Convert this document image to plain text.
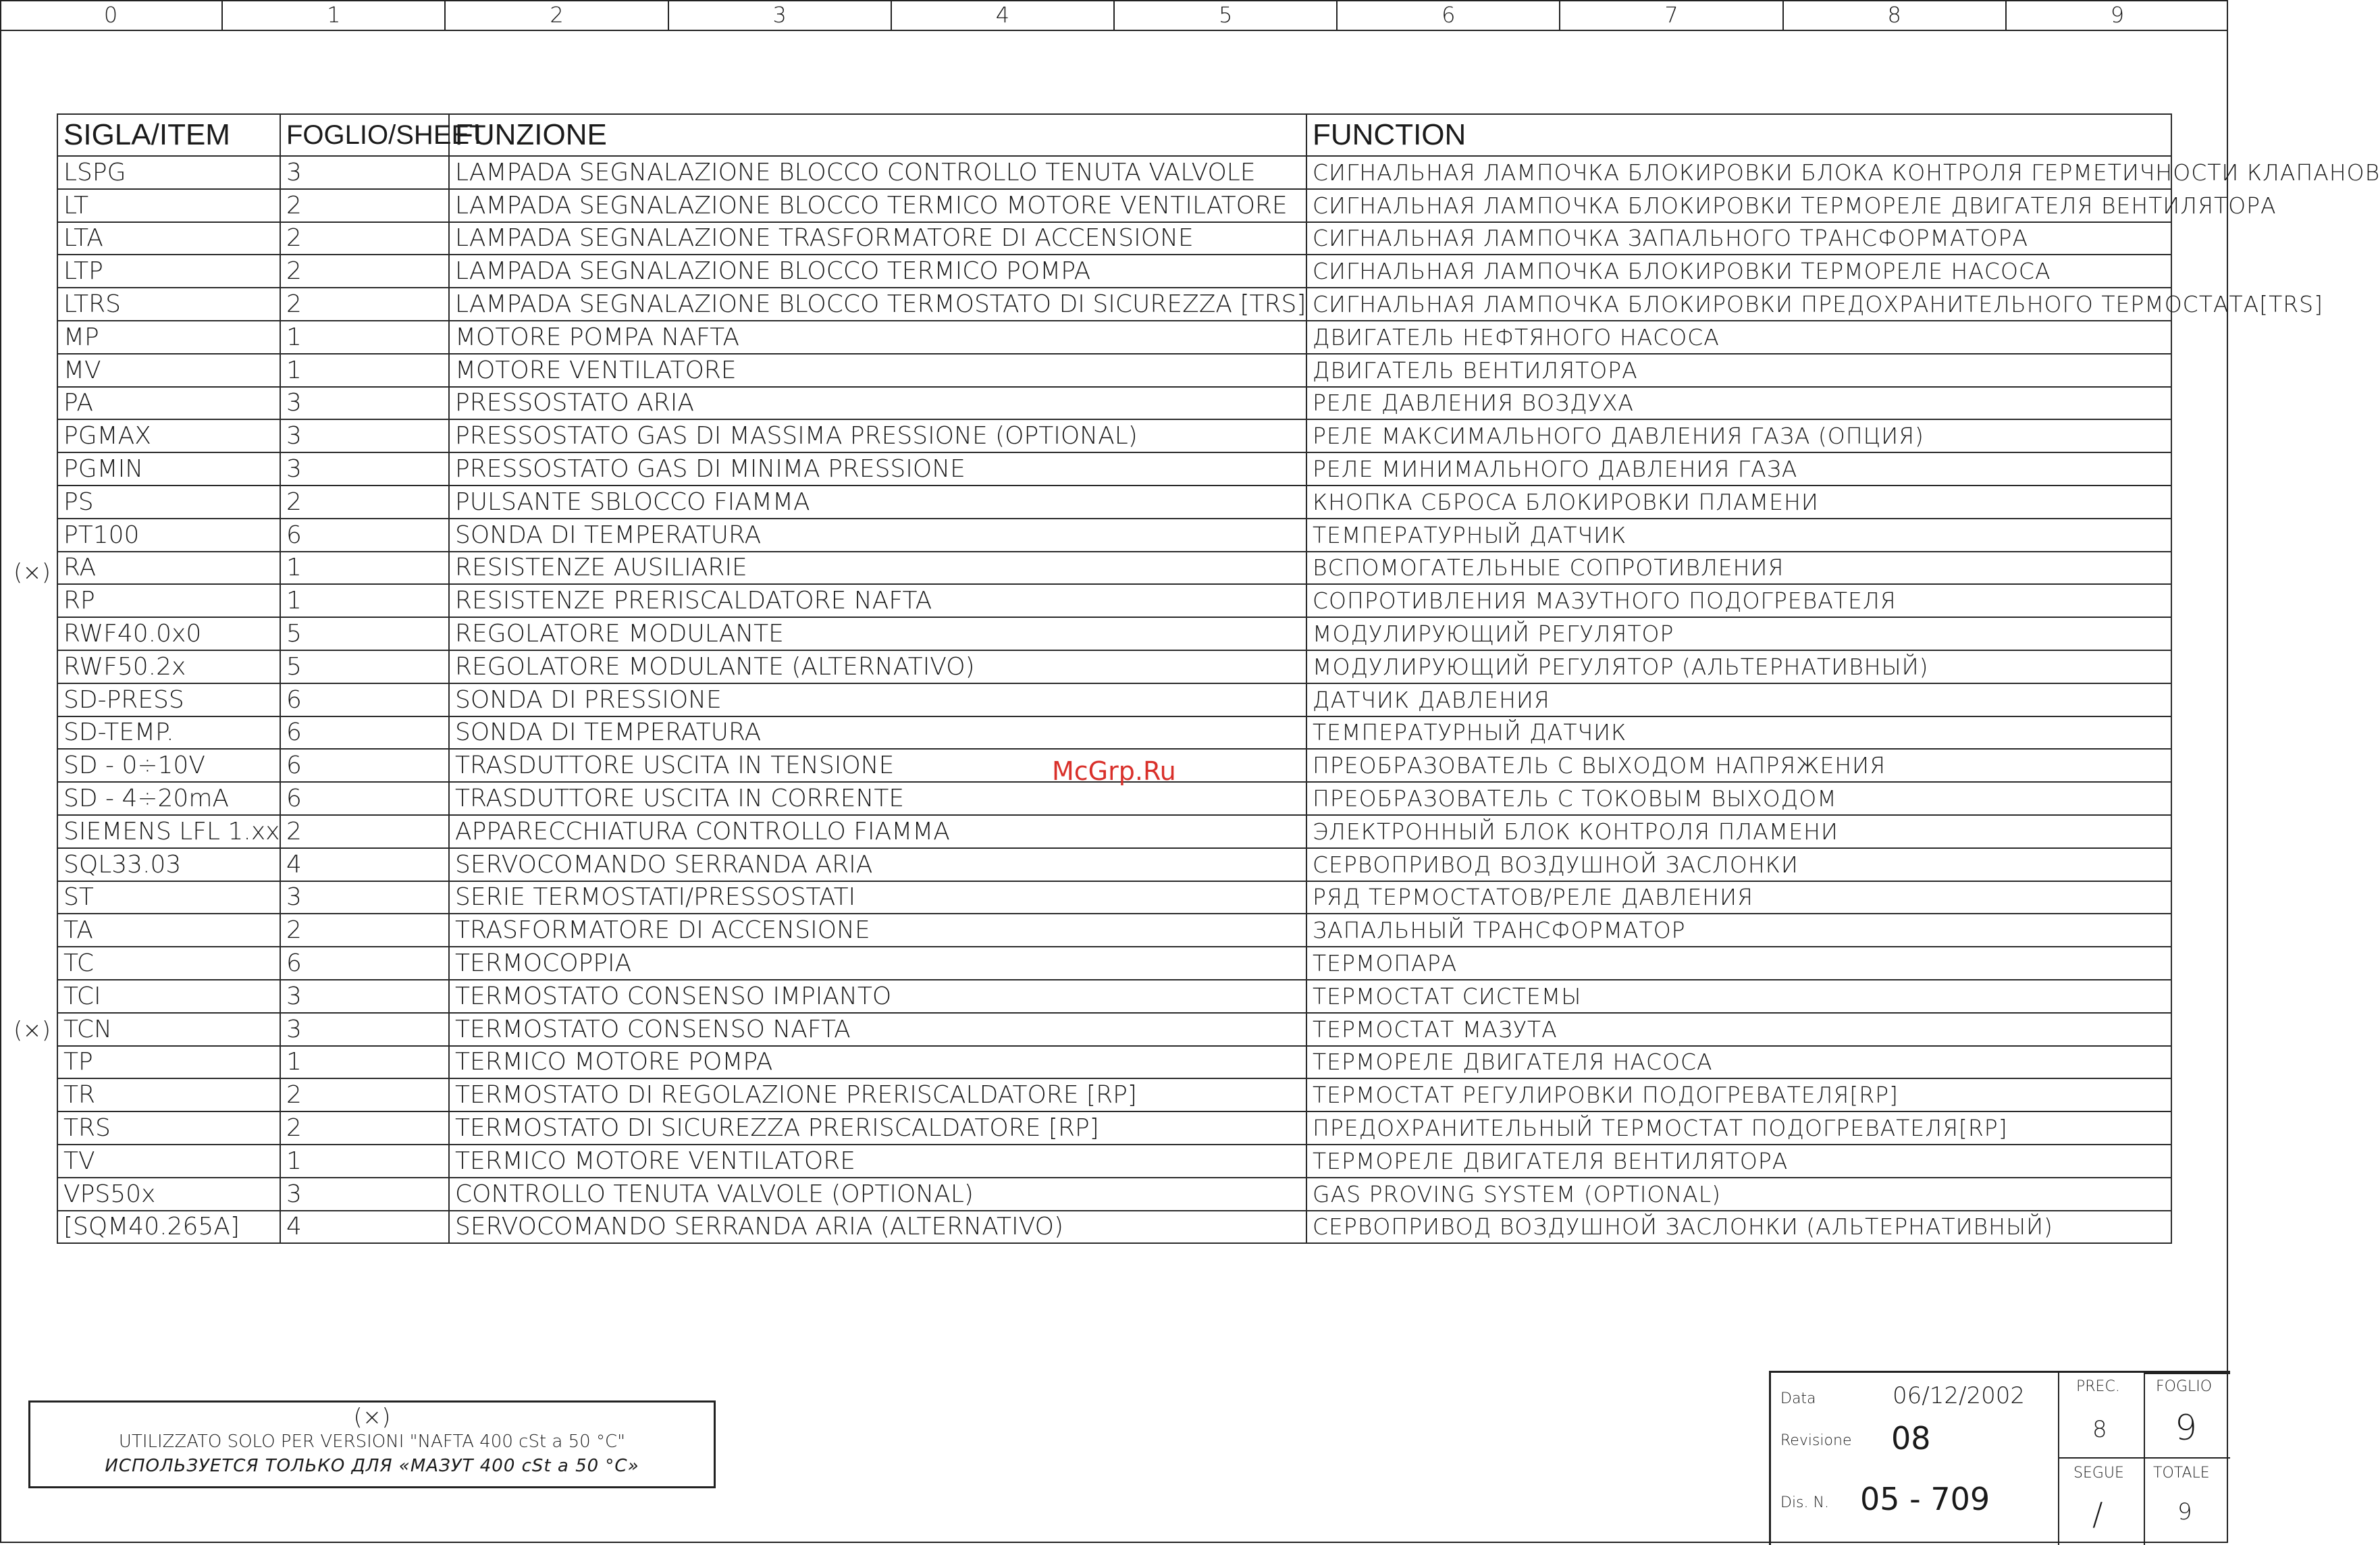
0	1	2	3	4	5	6	7	8	9
SIGLA/ITEM	FOGLIO/SHEET	FUNZIONE	FUNCTION
LSPG	3	LAMPADA SEGNALAZIONE BLOCCO CONTROLLO TENUTA VALVOLE	СИГНАЛЬНАЯ ЛАМПОЧКА БЛОКИРОВКИ БЛОКА КОНТРОЛЯ ГЕРМЕТИЧНОСТИ КЛАПАНОВ
LT	2	LAMPADA SEGNALAZIONE BLOCCO TERMICO MOTORE VENTILATORE	СИГНАЛЬНАЯ ЛАМПОЧКА БЛОКИРОВКИ ТЕРМОРЕЛЕ ДВИГАТЕЛЯ ВЕНТИЛЯТОРА
LTA	2	LAMPADA SEGNALAZIONE TRASFORMATORE DI ACCENSIONE	СИГНАЛЬНАЯ ЛАМПОЧКА ЗАПАЛЬНОГО ТРАНСФОРМАТОРА
LTP	2	LAMPADA SEGNALAZIONE BLOCCO TERMICO POMPA	СИГНАЛЬНАЯ ЛАМПОЧКА БЛОКИРОВКИ ТЕРМОРЕЛЕ НАСОСА
LTRS	2	LAMPADA SEGNALAZIONE BLOCCO TERMOSTATO DI SICUREZZA [TRS]	СИГНАЛЬНАЯ ЛАМПОЧКА БЛОКИРОВКИ ПРЕДОХРАНИТЕЛЬНОГО ТЕРМОСТАТА[TRS]
MP	1	MOTORE POMPA NAFTA	ДВИГАТЕЛЬ НЕФТЯНОГО НАСОСА
MV	1	MOTORE VENTILATORE	ДВИГАТЕЛЬ ВЕНТИЛЯТОРА
PA	3	PRESSOSTATO ARIA	РЕЛЕ ДАВЛЕНИЯ ВОЗДУХА
PGMAX	3	PRESSOSTATO GAS DI MASSIMA PRESSIONE (OPTIONAL)	РЕЛЕ МАКСИМАЛЬНОГО ДАВЛЕНИЯ ГАЗА (ОПЦИЯ)
PGMIN	3	PRESSOSTATO GAS DI MINIMA PRESSIONE	РЕЛЕ МИНИМАЛЬНОГО ДАВЛЕНИЯ ГАЗА
PS	2	PULSANTE SBLOCCO FIAMMA	КНОПКА СБРОСА БЛОКИРОВКИ ПЛАМЕНИ
PT100	6	SONDA DI TEMPERATURA	ТЕМПЕРАТУРНЫЙ ДАТЧИК
RA	1	RESISTENZE AUSILIARIE	ВСПОМОГАТЕЛЬНЫЕ СОПРОТИВЛЕНИЯ
RP	1	RESISTENZE PRERISCALDATORE NAFTA	СОПРОТИВЛЕНИЯ МАЗУТНОГО ПОДОГРЕВАТЕЛЯ
RWF40.0x0	5	REGOLATORE MODULANTE	МОДУЛИРУЮЩИЙ РЕГУЛЯТОР
RWF50.2x	5	REGOLATORE MODULANTE (ALTERNATIVO)	МОДУЛИРУЮЩИЙ РЕГУЛЯТОР (АЛЬТЕРНАТИВНЫЙ)
SD-PRESS	6	SONDA DI PRESSIONE	ДАТЧИК ДАВЛЕНИЯ
SD-TEMP.	6	SONDA DI TEMPERATURA	ТЕМПЕРАТУРНЫЙ ДАТЧИК
SD - 0÷10V	6	TRASDUTTORE USCITA IN TENSIONE	ПРЕОБРАЗОВАТЕЛЬ С ВЫХОДОМ НАПРЯЖЕНИЯ
SD - 4÷20mA	6	TRASDUTTORE USCITA IN CORRENTE	ПРЕОБРАЗОВАТЕЛЬ С ТОКОВЫМ ВЫХОДОМ
SIEMENS LFL 1.xx	2	APPARECCHIATURA CONTROLLO FIAMMA	ЭЛЕКТРОННЫЙ БЛОК КОНТРОЛЯ ПЛАМЕНИ
SQL33.03	4	SERVOCOMANDO SERRANDA ARIA	СЕРВОПРИВОД ВОЗДУШНОЙ ЗАСЛОНКИ
ST	3	SERIE TERMOSTATI/PRESSOSTATI	РЯД ТЕРМОСТАТОВ/РЕЛЕ ДАВЛЕНИЯ
TA	2	TRASFORMATORE DI ACCENSIONE	ЗАПАЛЬНЫЙ ТРАНСФОРМАТОР
TC	6	TERMOCOPPIA	ТЕРМОПАРА
TCI	3	TERMOSTATO CONSENSO IMPIANTO	ТЕРМОСТАТ СИСТЕМЫ
TCN	3	TERMOSTATO CONSENSO NAFTA	ТЕРМОСТАТ МАЗУТА
TP	1	TERMICO MOTORE POMPA	ТЕРМОРЕЛЕ ДВИГАТЕЛЯ НАСОСА
TR	2	TERMOSTATO DI REGOLAZIONE PRERISCALDATORE [RP]	ТЕРМОСТАТ РЕГУЛИРОВКИ ПОДОГРЕВАТЕЛЯ[RP]
TRS	2	TERMOSTATO DI SICUREZZA PRERISCALDATORE [RP]	ПРЕДОХРАНИТЕЛЬНЫЙ ТЕРМОСТАТ ПОДОГРЕВАТЕЛЯ[RP]
TV	1	TERMICO MOTORE VENTILATORE	ТЕРМОРЕЛЕ ДВИГАТЕЛЯ ВЕНТИЛЯТОРА
VPS50x	3	CONTROLLO TENUTA VALVOLE (OPTIONAL)	GAS PROVING SYSTEM (OPTIONAL)
[SQM40.265A]	4	SERVOCOMANDO SERRANDA ARIA (ALTERNATIVO)	СЕРВОПРИВОД ВОЗДУШНОЙ ЗАСЛОНКИ (АЛЬТЕРНАТИВНЫЙ)
(×)
(×)
McGrp.Ru
(×)
UTILIZZATO SOLO PER VERSIONI "NAFTA 400 cSt a 50 °C"
ИСПОЛЬЗУЕТСЯ ТОЛЬКО ДЛЯ «МАЗУТ 400 cSt a 50 °C»
Data	06/12/2002
Revisione 08
Dis. N. 05 - 709
PREC.
8
FOGLIO
9
SEGUE
/
TOTALE
9
